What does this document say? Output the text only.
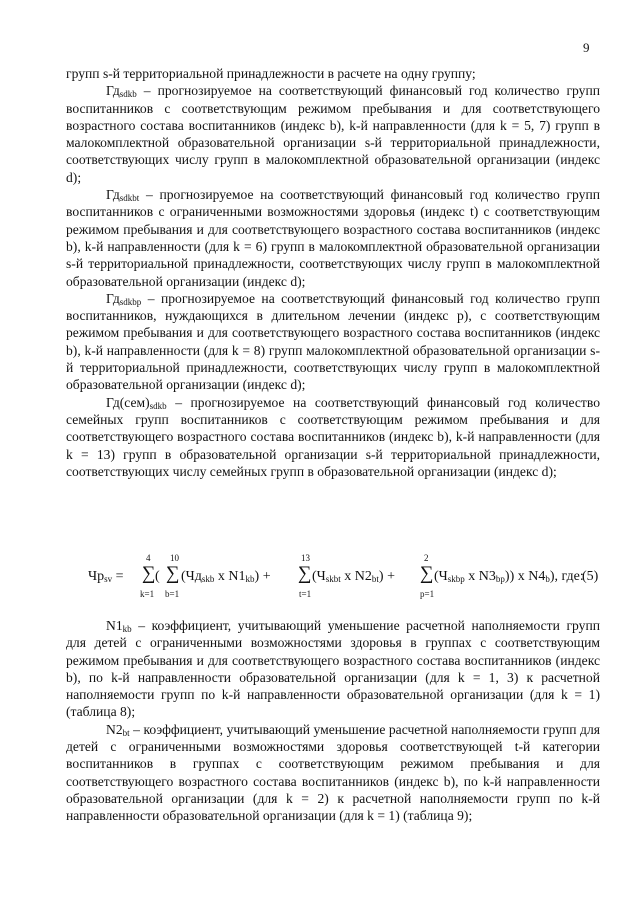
9

групп s-й территориальной принадлежности в расчете на одну группу;

$Гд_{sdkb}$ – прогнозируемое на соответствующий финансовый год количество групп воспитанников с соответствующим режимом пребывания и для соответствующего возрастного состава воспитанников (индекс b), k-й направленности (для k = 5, 7) групп в малокомплектной образовательной организации s-й территориальной принадлежности, соответствующих числу групп в малокомплектной образовательной организации (индекс d);

$Гд_{sdkbt}$ – прогнозируемое на соответствующий финансовый год количество групп воспитанников с ограниченными возможностями здоровья (индекс t) с соответствующим режимом пребывания и для соответствующего возрастного состава воспитанников (индекс b), k-й направленности (для k = 6) групп в малокомплектной образовательной организации s-й территориальной принадлежности, соответствующих числу групп в малокомплектной образовательной организации (индекс d);

$Гд_{sdkbp}$ – прогнозируемое на соответствующий финансовый год количество групп воспитанников, нуждающихся в длительном лечении (индекс p), с соответствующим режимом пребывания и для соответствующего возрастного состава воспитанников (индекс b), k-й направленности (для k = 8) групп малокомплектной образовательной организации s-й территориальной принадлежности, соответствующих числу групп в малокомплектной образовательной организации (индекс d);

$Гд(сем)_{sdkb}$ – прогнозируемое на соответствующий финансовый год количество семейных групп воспитанников с соответствующим режимом пребывания и для соответствующего возрастного состава воспитанников (индекс b), k-й направленности (для k = 13) групп в образовательной организации s-й территориальной принадлежности, соответствующих числу семейных групп в образовательной организации (индекс d);

$Чр_{sv}$ =
4
∑
k=1
(
10
∑
b=1
($Чд_{skb}$ x $N1_{kb}$) +
13
∑
t=1
($Ч_{skbt}$ x $N2_{bt}$) +
2
∑
p=1
($Ч_{skbp}$ x $N3_{bp}$)) x $N4_b$), где:
(5)

$N1_{kb}$ – коэффициент, учитывающий уменьшение расчетной наполняемости групп для детей с ограниченными возможностями здоровья в группах с соответствующим режимом пребывания и для соответствующего возрастного состава воспитанников (индекс b), по k-й направленности образовательной организации (для k = 1, 3) к расчетной наполняемости групп по k-й направленности образовательной организации (для k = 1) (таблица 8);

$N2_{bt}$ – коэффициент, учитывающий уменьшение расчетной наполняемости групп для детей с ограниченными возможностями здоровья соответствующей t-й категории воспитанников в группах с соответствующим режимом пребывания и для соответствующего возрастного состава воспитанников (индекс b), по k-й направленности образовательной организации (для k = 2) к расчетной наполняемости групп по k-й направленности образовательной организации (для k = 1) (таблица 9);
